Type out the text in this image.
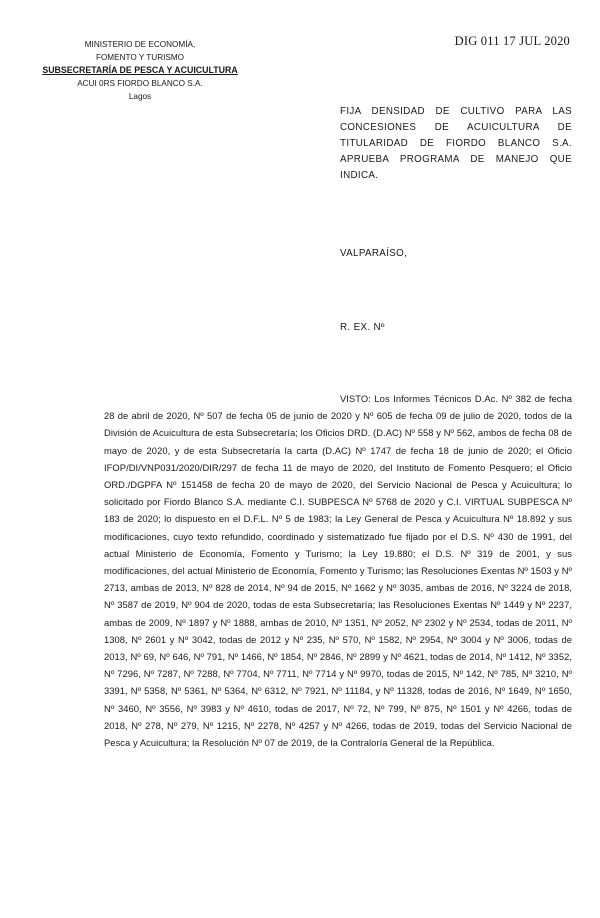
DIG 011 17 JUL 2020
MINISTERIO DE ECONOMÍA,
FOMENTO Y TURISMO
SUBSECRETARÍA DE PESCA Y ACUICULTURA
ACUI 0RS FIORDO BLANCO S.A.
Lagos
FIJA DENSIDAD DE CULTIVO PARA LAS CONCESIONES DE ACUICULTURA DE TITULARIDAD DE FIORDO BLANCO S.A. APRUEBA PROGRAMA DE MANEJO QUE INDICA.
VALPARAÍSO,
R. EX. Nº
VISTO: Los Informes Técnicos D.Ac. Nº 382 de fecha 28 de abril de 2020, Nº 507 de fecha 05 de junio de 2020 y Nº 605 de fecha 09 de julio de 2020, todos de la División de Acuicultura de esta Subsecretaría; los Oficios DRD. (D.AC) Nº 558 y Nº 562, ambos de fecha 08 de mayo de 2020, y de esta Subsecretaría la carta (D.AC) Nº 1747 de fecha 18 de junio de 2020; el Oficio IFOP/DI/VNP031/2020/DIR/297 de fecha 11 de mayo de 2020, del Instituto de Fomento Pesquero; el Oficio ORD./DGPFA Nº 151458 de fecha 20 de mayo de 2020, del Servicio Nacional de Pesca y Acuicultura; lo solicitado por Fiordo Blanco S.A. mediante C.I. SUBPESCA Nº 5768 de 2020 y C.I. VIRTUAL SUBPESCA Nº 183 de 2020; lo dispuesto en el D.F.L. Nº 5 de 1983; la Ley General de Pesca y Acuicultura Nº 18.892 y sus modificaciones, cuyo texto refundido, coordinado y sistematizado fue fijado por el D.S. Nº 430 de 1991, del actual Ministerio de Economía, Fomento y Turismo; la Ley 19.880; el D.S. Nº 319 de 2001, y sus modificaciones, del actual Ministerio de Economía, Fomento y Turismo; las Resoluciones Exentas Nº 1503 y Nº 2713, ambas de 2013, Nº 828 de 2014, Nº 94 de 2015, Nº 1662 y Nº 3035, ambas de 2016, Nº 3224 de 2018, Nº 3587 de 2019, Nº 904 de 2020, todas de esta Subsecretaría; las Resoluciones Exentas Nº 1449 y Nº 2237, ambas de 2009, Nº 1897 y Nº 1888, ambas de 2010, Nº 1351, Nº 2052, Nº 2302 y Nº 2534, todas de 2011, Nº 1308, Nº 2601 y Nº 3042, todas de 2012 y Nº 235, Nº 570, Nº 1582, Nº 2954, Nº 3004 y Nº 3006, todas de 2013, Nº 69, Nº 646, Nº 791, Nº 1466, Nº 1854, Nº 2846, Nº 2899 y Nº 4621, todas de 2014, Nº 1412, Nº 3352, Nº 7296, Nº 7287, Nº 7288, Nº 7704, Nº 7711, Nº 7714 y Nº 9970, todas de 2015, Nº 142, Nº 785, Nº 3210, Nº 3391, Nº 5358, Nº 5361, Nº 5364, Nº 6312, Nº 7921, Nº 11184, y Nº 11328, todas de 2016, Nº 1649, Nº 1650, Nº 3460, Nº 3556, Nº 3983 y Nº 4610, todas de 2017, Nº 72, Nº 799, Nº 875, Nº 1501 y Nº 4266, todas de 2018, Nº 278, Nº 279, Nº 1215, Nº 2278, Nº 4257 y Nº 4266, todas de 2019, todas del Servicio Nacional de Pesca y Acuicultura; la Resolución Nº 07 de 2019, de la Contraloría General de la República.
